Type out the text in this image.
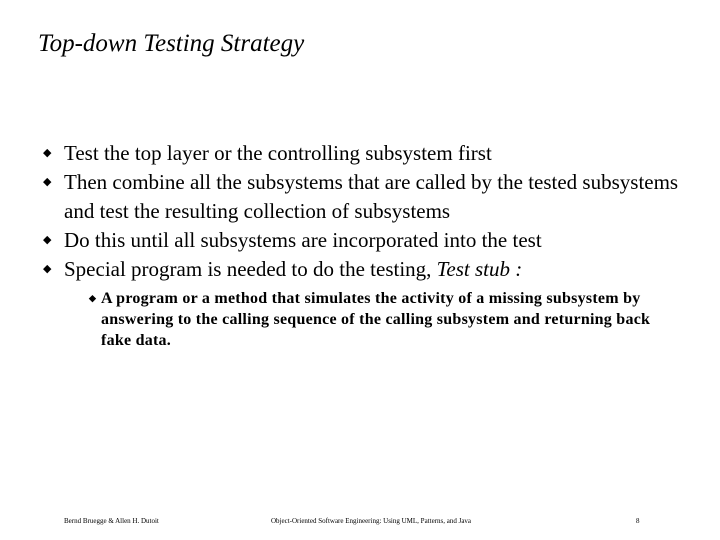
Top-down Testing Strategy
◆ Test the top layer or the controlling subsystem first
◆ Then combine all the subsystems that are called by the tested subsystems and test the resulting collection of subsystems
◆ Do this until all subsystems are incorporated into the test
◆ Special program is needed to do the testing, Test stub :
◆ A program or a method that simulates the activity of a missing subsystem by answering to the calling sequence of the calling subsystem and returning back fake data.
Bernd Bruegge & Allen H. Dutoit	Object-Oriented Software Engineering: Using UML, Patterns, and Java	8
